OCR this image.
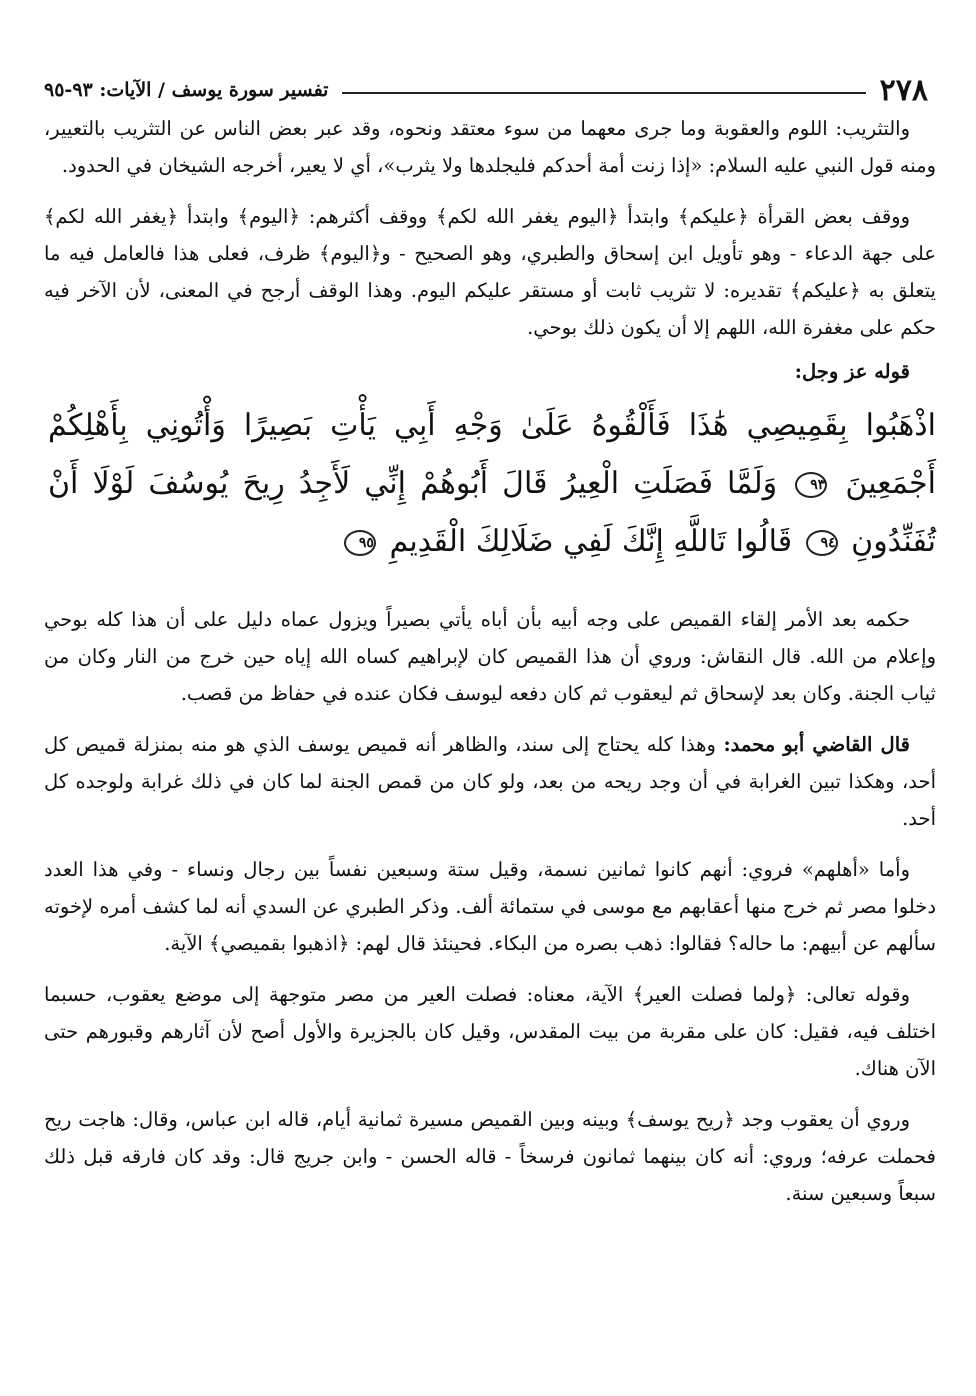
٢٧٨
تفسير سورة يوسف / الآيات: ٩٣-٩٥

والتثريب: اللوم والعقوبة وما جرى معهما من سوء معتقد ونحوه، وقد عبر بعض الناس عن التثريب بالتعيير، ومنه قول النبي عليه السلام: «إذا زنت أمة أحدكم فليجلدها ولا يثرب»، أي لا يعير، أخرجه الشيخان في الحدود.

ووقف بعض القرأة ﴿عليكم﴾ وابتدأ ﴿اليوم يغفر الله لكم﴾ ووقف أكثرهم: ﴿اليوم﴾ وابتدأ ﴿يغفر الله لكم﴾ على جهة الدعاء - وهو تأويل ابن إسحاق والطبري، وهو الصحيح - و﴿اليوم﴾ ظرف، فعلى هذا فالعامل فيه ما يتعلق به ﴿عليكم﴾ تقديره: لا تثريب ثابت أو مستقر عليكم اليوم. وهذا الوقف أرجح في المعنى، لأن الآخر فيه حكم على مغفرة الله، اللهم إلا أن يكون ذلك بوحي.

قوله عز وجل:
اذْهَبُوا بِقَمِيصِي هَٰذَا فَأَلْقُوهُ عَلَىٰ وَجْهِ أَبِي يَأْتِ بَصِيرًا وَأْتُونِي بِأَهْلِكُمْ أَجْمَعِينَ ٩٣ وَلَمَّا فَصَلَتِ الْعِيرُ قَالَ أَبُوهُمْ إِنِّي لَأَجِدُ رِيحَ يُوسُفَ لَوْلَا أَنْ تُفَنِّدُونِ ٩٤ قَالُوا تَاللَّهِ إِنَّكَ لَفِي ضَلَالِكَ الْقَدِيمِ ٩٥

حكمه بعد الأمر إلقاء القميص على وجه أبيه بأن أباه يأتي بصيراً ويزول عماه دليل على أن هذا كله بوحي وإعلام من الله. قال النقاش: وروي أن هذا القميص كان لإبراهيم كساه الله إياه حين خرج من النار وكان من ثياب الجنة. وكان بعد لإسحاق ثم ليعقوب ثم كان دفعه ليوسف فكان عنده في حفاظ من قصب.

قال القاضي أبو محمد: وهذا كله يحتاج إلى سند، والظاهر أنه قميص يوسف الذي هو منه بمنزلة قميص كل أحد، وهكذا تبين الغرابة في أن وجد ريحه من بعد، ولو كان من قمص الجنة لما كان في ذلك غرابة ولوجده كل أحد.

وأما «أهلهم» فروي: أنهم كانوا ثمانين نسمة، وقيل ستة وسبعين نفساً بين رجال ونساء - وفي هذا العدد دخلوا مصر ثم خرج منها أعقابهم مع موسى في ستمائة ألف. وذكر الطبري عن السدي أنه لما كشف أمره لإخوته سألهم عن أبيهم: ما حاله؟ فقالوا: ذهب بصره من البكاء. فحينئذ قال لهم: ﴿اذهبوا بقميصي﴾ الآية.

وقوله تعالى: ﴿ولما فصلت العير﴾ الآية، معناه: فصلت العير من مصر متوجهة إلى موضع يعقوب، حسبما اختلف فيه، فقيل: كان على مقربة من بيت المقدس، وقيل كان بالجزيرة والأول أصح لأن آثارهم وقبورهم حتى الآن هناك.

وروي أن يعقوب وجد ﴿ريح يوسف﴾ وبينه وبين القميص مسيرة ثمانية أيام، قاله ابن عباس، وقال: هاجت ريح فحملت عرفه؛ وروي: أنه كان بينهما ثمانون فرسخاً - قاله الحسن - وابن جريج قال: وقد كان فارقه قبل ذلك سبعاً وسبعين سنة.
